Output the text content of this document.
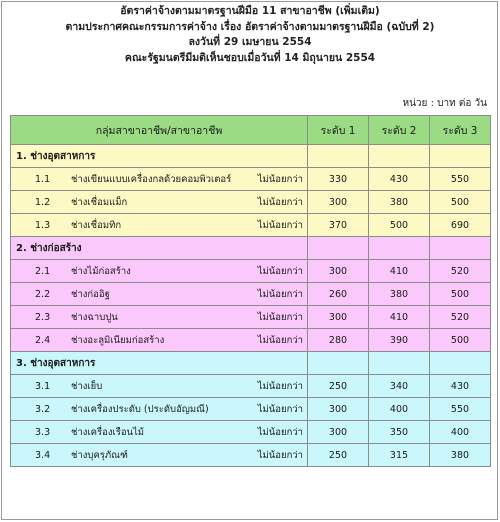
อัตราค่าจ้างตามมาตรฐานฝีมือ 11 สาขาอาชีพ (เพิ่มเติม)
ตามประกาศคณะกรรมการค่าจ้าง เรื่อง อัตราค่าจ้างตามมาตรฐานฝีมือ (ฉบับที่ 2)
ลงวันที่ 29 เมษายน 2554
คณะรัฐมนตรีมีมติเห็นชอบเมื่อวันที่ 14 มิถุนายน 2554
หน่วย : บาท ต่อ วัน
กลุ่มสาขาอาชีพ/สาขาอาชีพ	ระดับ 1	ระดับ 2	ระดับ 3
1. ช่างอุตสาหการ			

1.1 ช่างเขียนแบบเครื่องกลด้วยคอมพิวเตอร์ ไม่น้อยกว่า	330	430	550

1.2 ช่างเชื่อมแม็ก ไม่น้อยกว่า	300	380	500

1.3 ช่างเชื่อมทิก ไม่น้อยกว่า	370	500	690
2. ช่างก่อสร้าง			

2.1 ช่างไม้ก่อสร้าง ไม่น้อยกว่า	300	410	520

2.2 ช่างก่ออิฐ ไม่น้อยกว่า	260	380	500

2.3 ช่างฉาบปูน ไม่น้อยกว่า	300	410	520

2.4 ช่างอะลูมิเนียมก่อสร้าง ไม่น้อยกว่า	280	390	500
3. ช่างอุตสาหการ			

3.1 ช่างเย็บ ไม่น้อยกว่า	250	340	430

3.2 ช่างเครื่องประดับ (ประดับอัญมณี) ไม่น้อยกว่า	300	400	550

3.3 ช่างเครื่องเรือนไม้ ไม่น้อยกว่า	300	350	400

3.4 ช่างบุครุภัณฑ์ ไม่น้อยกว่า	250	315	380
